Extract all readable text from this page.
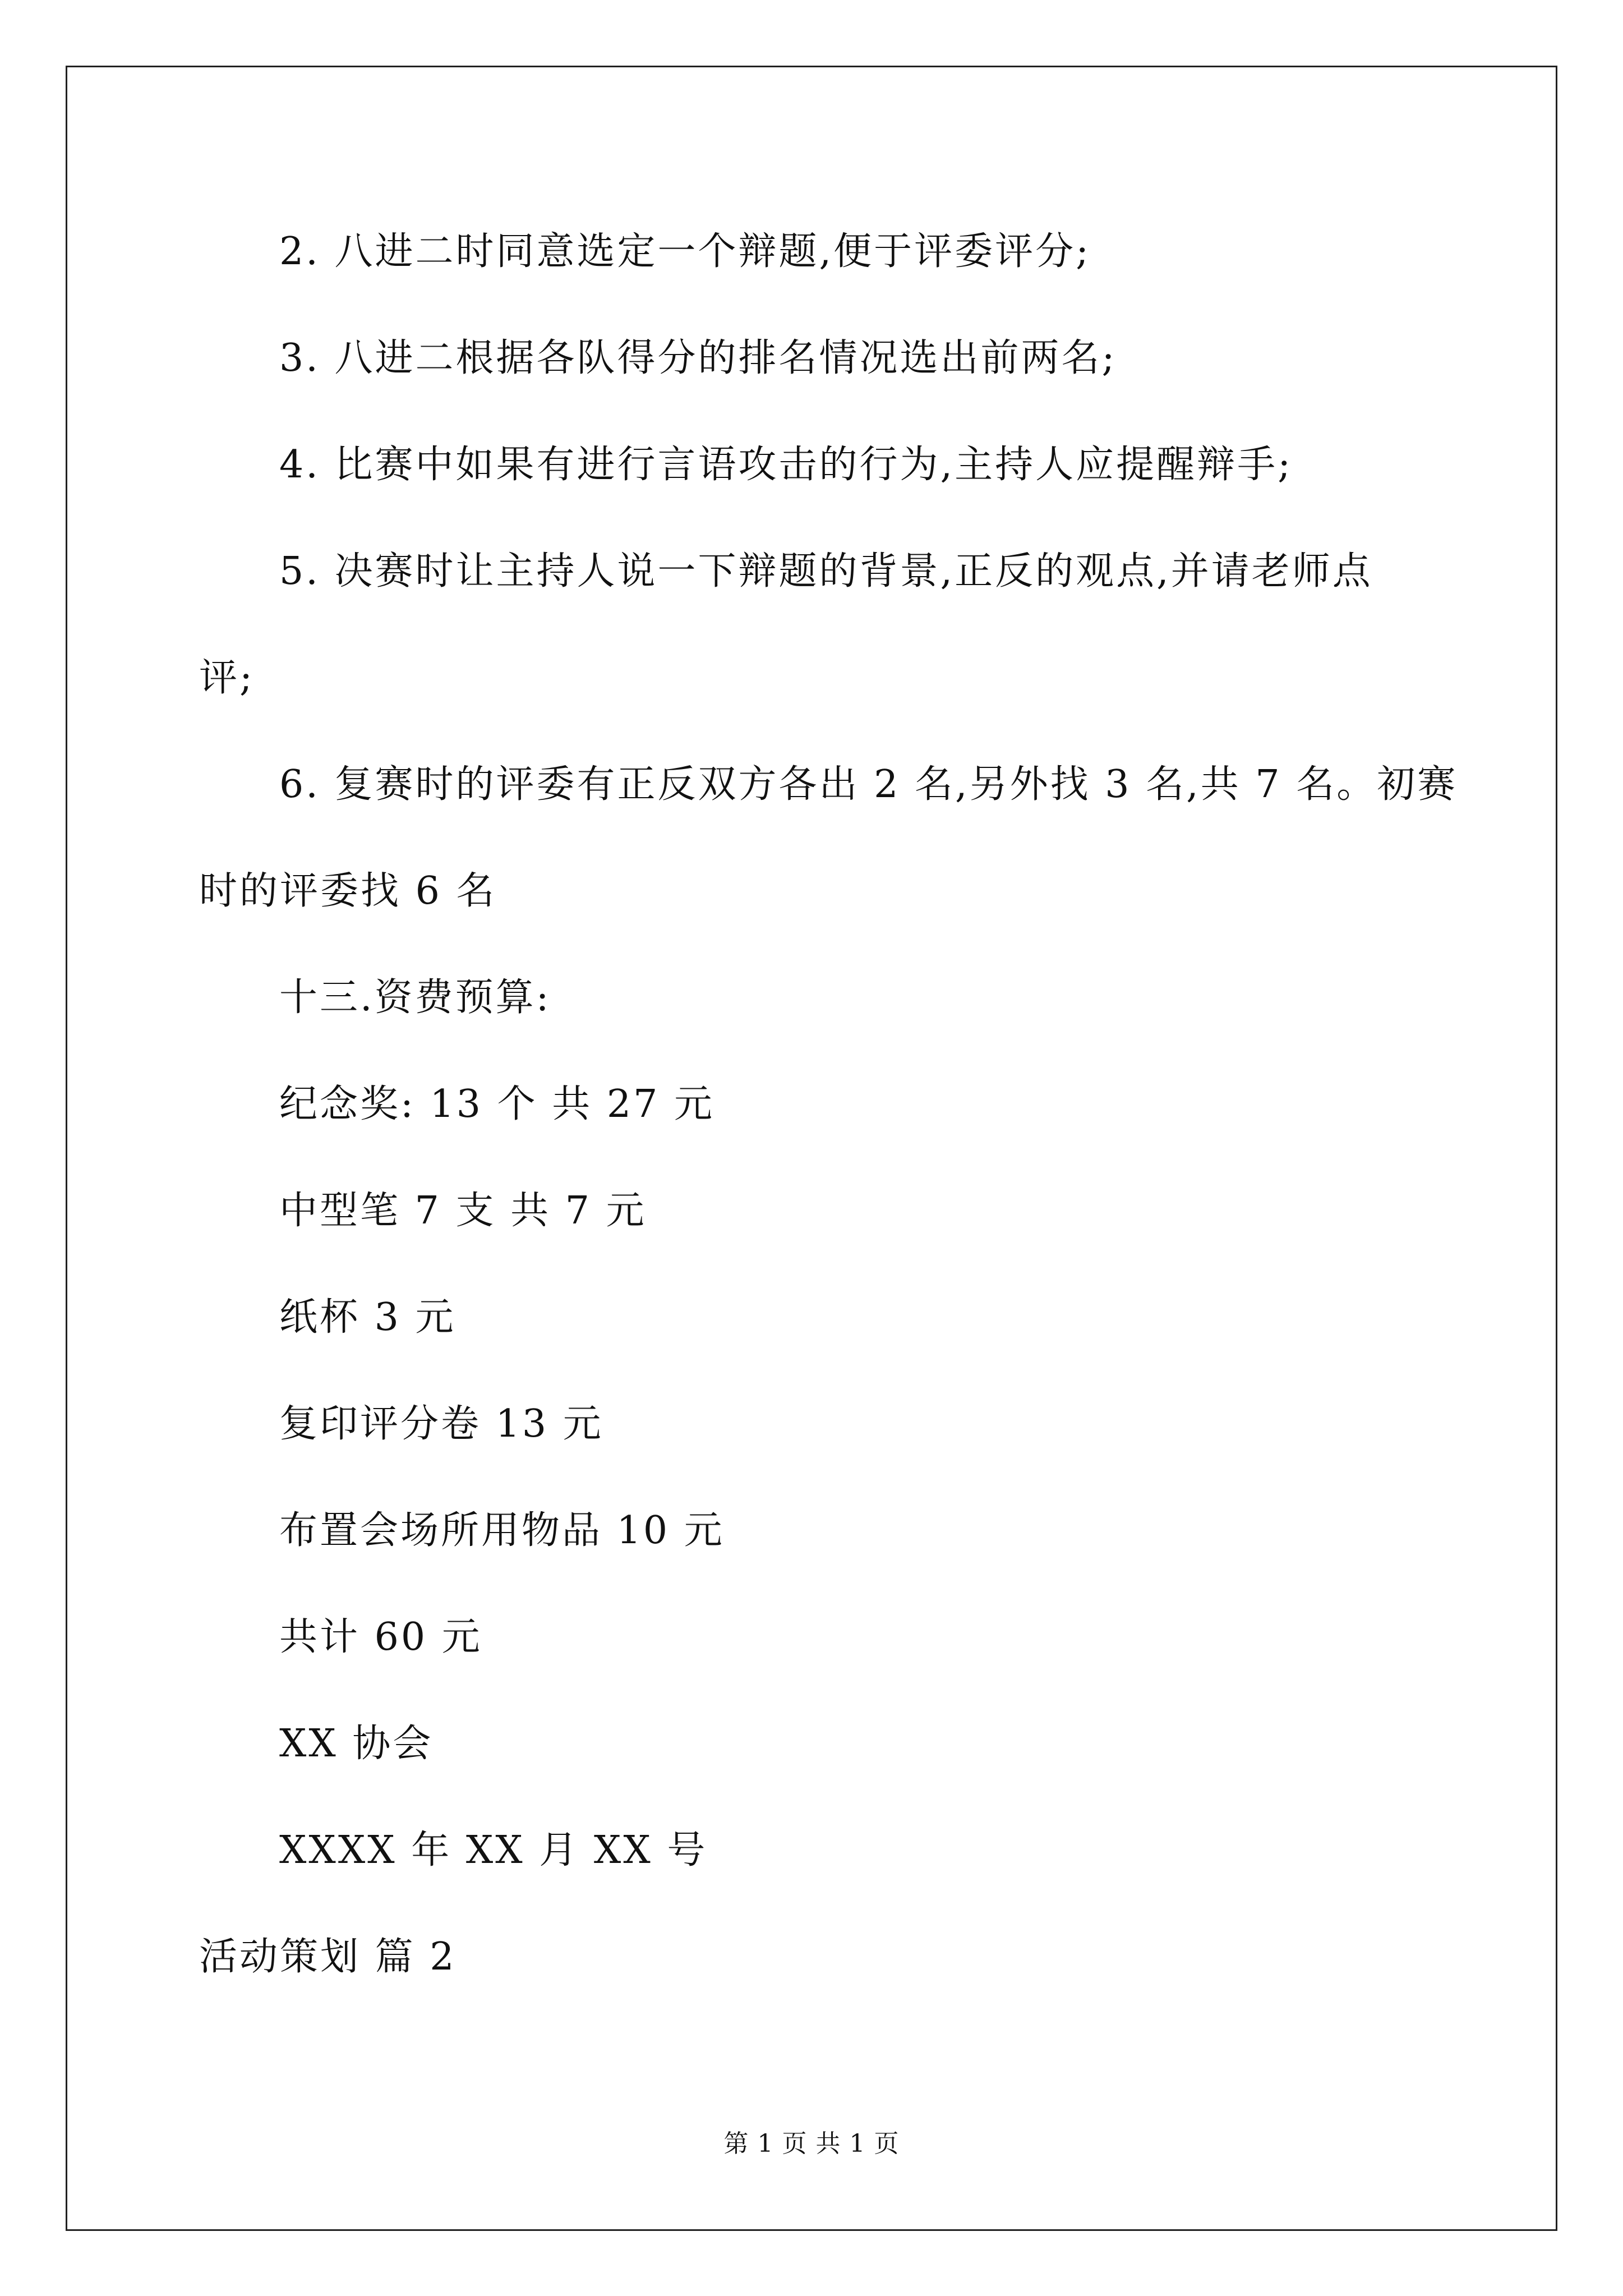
2. 八进二时同意选定一个辩题,便于评委评分;
3. 八进二根据各队得分的排名情况选出前两名;
4. 比赛中如果有进行言语攻击的行为,主持人应提醒辩手;
5. 决赛时让主持人说一下辩题的背景,正反的观点,并请老师点
评;
6. 复赛时的评委有正反双方各出 2 名,另外找 3 名,共 7 名。初赛
时的评委找 6 名
十三.资费预算:
纪念奖: 13 个 共 27 元
中型笔 7 支 共 7 元
纸杯 3 元
复印评分卷 13 元
布置会场所用物品 10 元
共计 60 元
XX 协会
XXXX 年 XX 月 XX 号
活动策划 篇 2
第 1 页 共 1 页
